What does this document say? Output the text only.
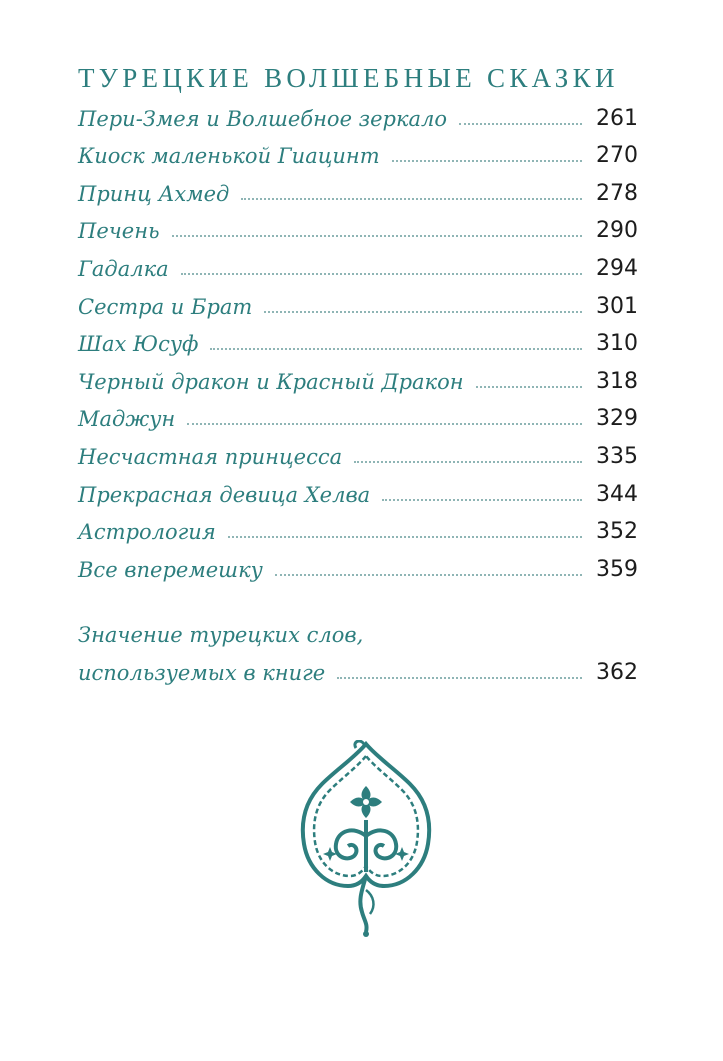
ТУРЕЦКИЕ ВОЛШЕБНЫЕ СКАЗКИ
Пери-Змея и Волшебное зеркало	261
Киоск маленькой Гиацинт	270
Принц Ахмед	278
Печень	290
Гадалка	294
Сестра и Брат	301
Шах Юсуф	310
Черный дракон и Красный Дракон	318
Маджун	329
Несчастная принцесса	335
Прекрасная девица Хелва	344
Астрология	352
Все вперемешку	359
Значение турецких слов,
используемых в книге	362
